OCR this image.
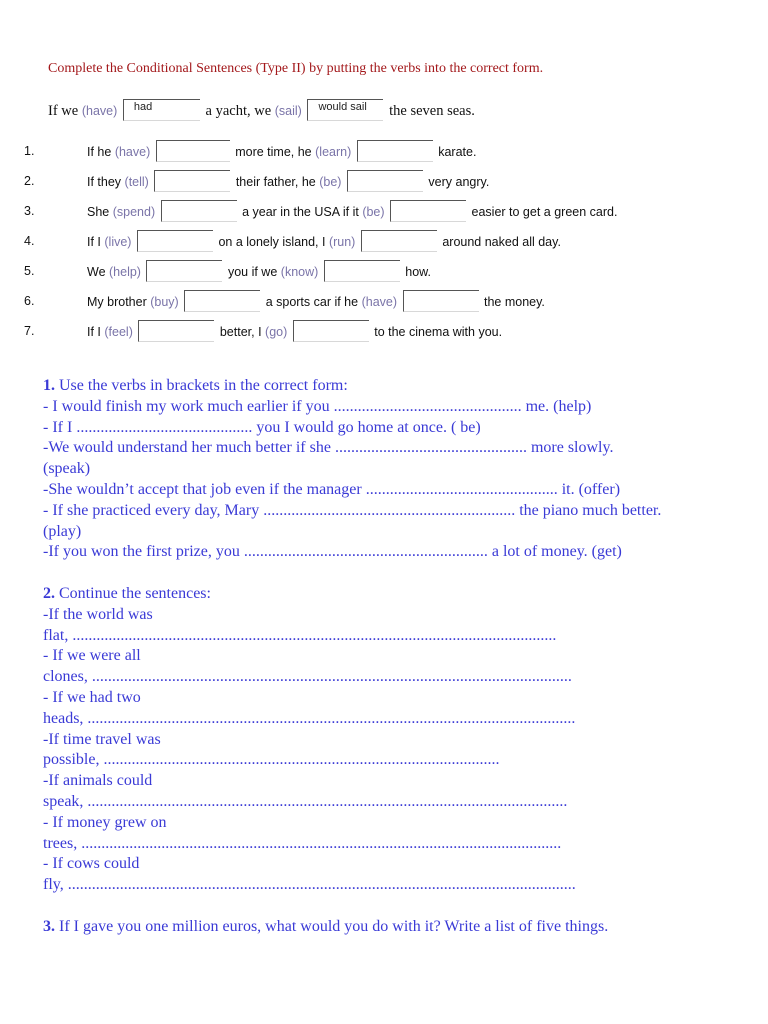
Complete the Conditional Sentences (Type II) by putting the verbs into the correct form.
If we (have) had	a yacht, we (sail) would sail the seven seas.
1.	If he (have)	more time, he (learn)	karate.
2.	If they (tell)	their father, he (be)	very angry.
3.	She (spend)	a year in the USA if it (be)	easier to get a green card.
4.	If I (live)	on a lonely island, I (run)	around naked all day.
5.	We (help)	you if we (know)	how.
6.	My brother (buy)	a sports car if he (have)	the money.
7.	If I (feel)	better, I (go)	to the cinema with you.
1. Use the verbs in brackets in the correct form:
- I would finish my work much earlier if you ............................................... me. (help)
- If I ............................................ you I would go home at once. ( be)
-We would understand her much better if she ................................................ more slowly.
(speak)
-She wouldn’t accept that job even if the manager ................................................ it. (offer)
- If she practiced every day, Mary ............................................................... the piano much better.
(play)
-If you won the first prize, you ............................................................. a lot of money. (get)
2. Continue the sentences:
-If the world was
flat, .........................................................................................................................
- If we were all
clones, ........................................................................................................................
- If we had two
heads, ..........................................................................................................................
-If time travel was
possible, ...................................................................................................
-If animals could
speak, ........................................................................................................................
- If money grew on
trees, ........................................................................................................................
- If cows could
fly, ...............................................................................................................................
3. If I gave you one million euros, what would you do with it? Write a list of five things.
